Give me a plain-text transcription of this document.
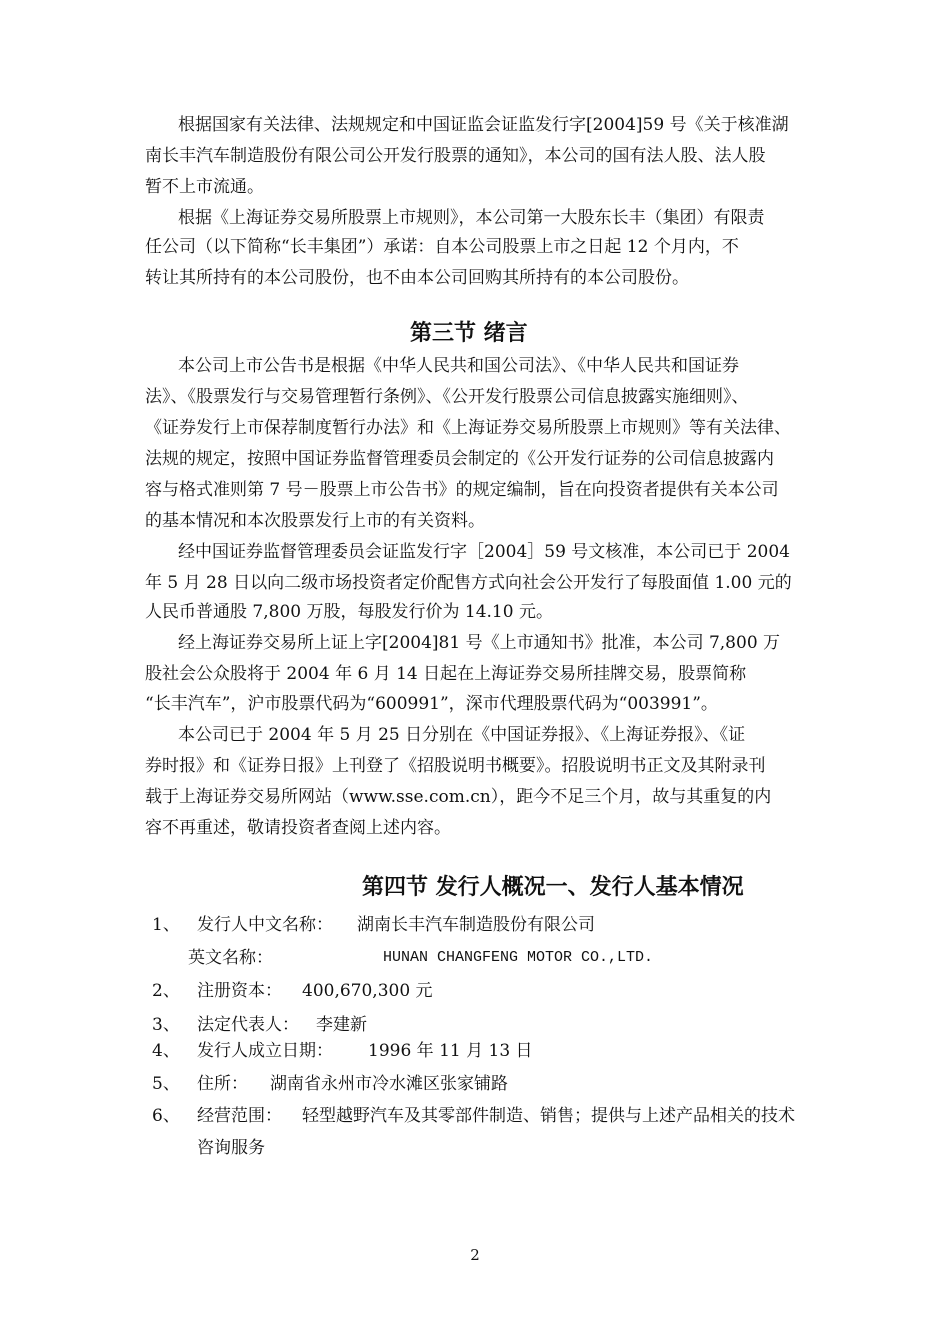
根据国家有关法律、法规规定和中国证监会证监发行字[2004]59 号《关于核准湖
南长丰汽车制造股份有限公司公开发行股票的通知》，本公司的国有法人股、法人股
暂不上市流通。
根据《上海证券交易所股票上市规则》，本公司第一大股东长丰（集团）有限责
任公司（以下简称“长丰集团”）承诺：自本公司股票上市之日起 12 个月内，不
转让其所持有的本公司股份，也不由本公司回购其所持有的本公司股份。
第三节 绪言
本公司上市公告书是根据《中华人民共和国公司法》、《中华人民共和国证券
法》、《股票发行与交易管理暂行条例》、《公开发行股票公司信息披露实施细则》、
《证券发行上市保荐制度暂行办法》和《上海证券交易所股票上市规则》等有关法律、
法规的规定，按照中国证券监督管理委员会制定的《公开发行证券的公司信息披露内
容与格式准则第 7 号－股票上市公告书》的规定编制，旨在向投资者提供有关本公司
的基本情况和本次股票发行上市的有关资料。
经中国证券监督管理委员会证监发行字［2004］59 号文核准，本公司已于 2004
年 5 月 28 日以向二级市场投资者定价配售方式向社会公开发行了每股面值 1.00 元的
人民币普通股 7,800 万股，每股发行价为 14.10 元。
经上海证券交易所上证上字[2004]81 号《上市通知书》批准，本公司 7,800 万
股社会公众股将于 2004 年 6 月 14 日起在上海证券交易所挂牌交易，股票简称
“长丰汽车”，沪市股票代码为“600991”，深市代理股票代码为“003991”。
本公司已于 2004 年 5 月 25 日分别在《中国证券报》、《上海证券报》、《证
券时报》和《证券日报》上刊登了《招股说明书概要》。招股说明书正文及其附录刊
载于上海证券交易所网站（www.sse.com.cn），距今不足三个月，故与其重复的内
容不再重述，敬请投资者查阅上述内容。
第四节 发行人概况一、发行人基本情况
1、 发行人中文名称： 湖南长丰汽车制造股份有限公司
英文名称：	HUNAN CHANGFENG MOTOR CO.,LTD.
2、 注册资本： 400,670,300 元
3、 法定代表人： 李建新
4、 发行人成立日期： 1996 年 11 月 13 日
5、 住所： 湖南省永州市冷水滩区张家铺路
6、 经营范围： 轻型越野汽车及其零部件制造、销售；提供与上述产品相关的技术
咨询服务
2
